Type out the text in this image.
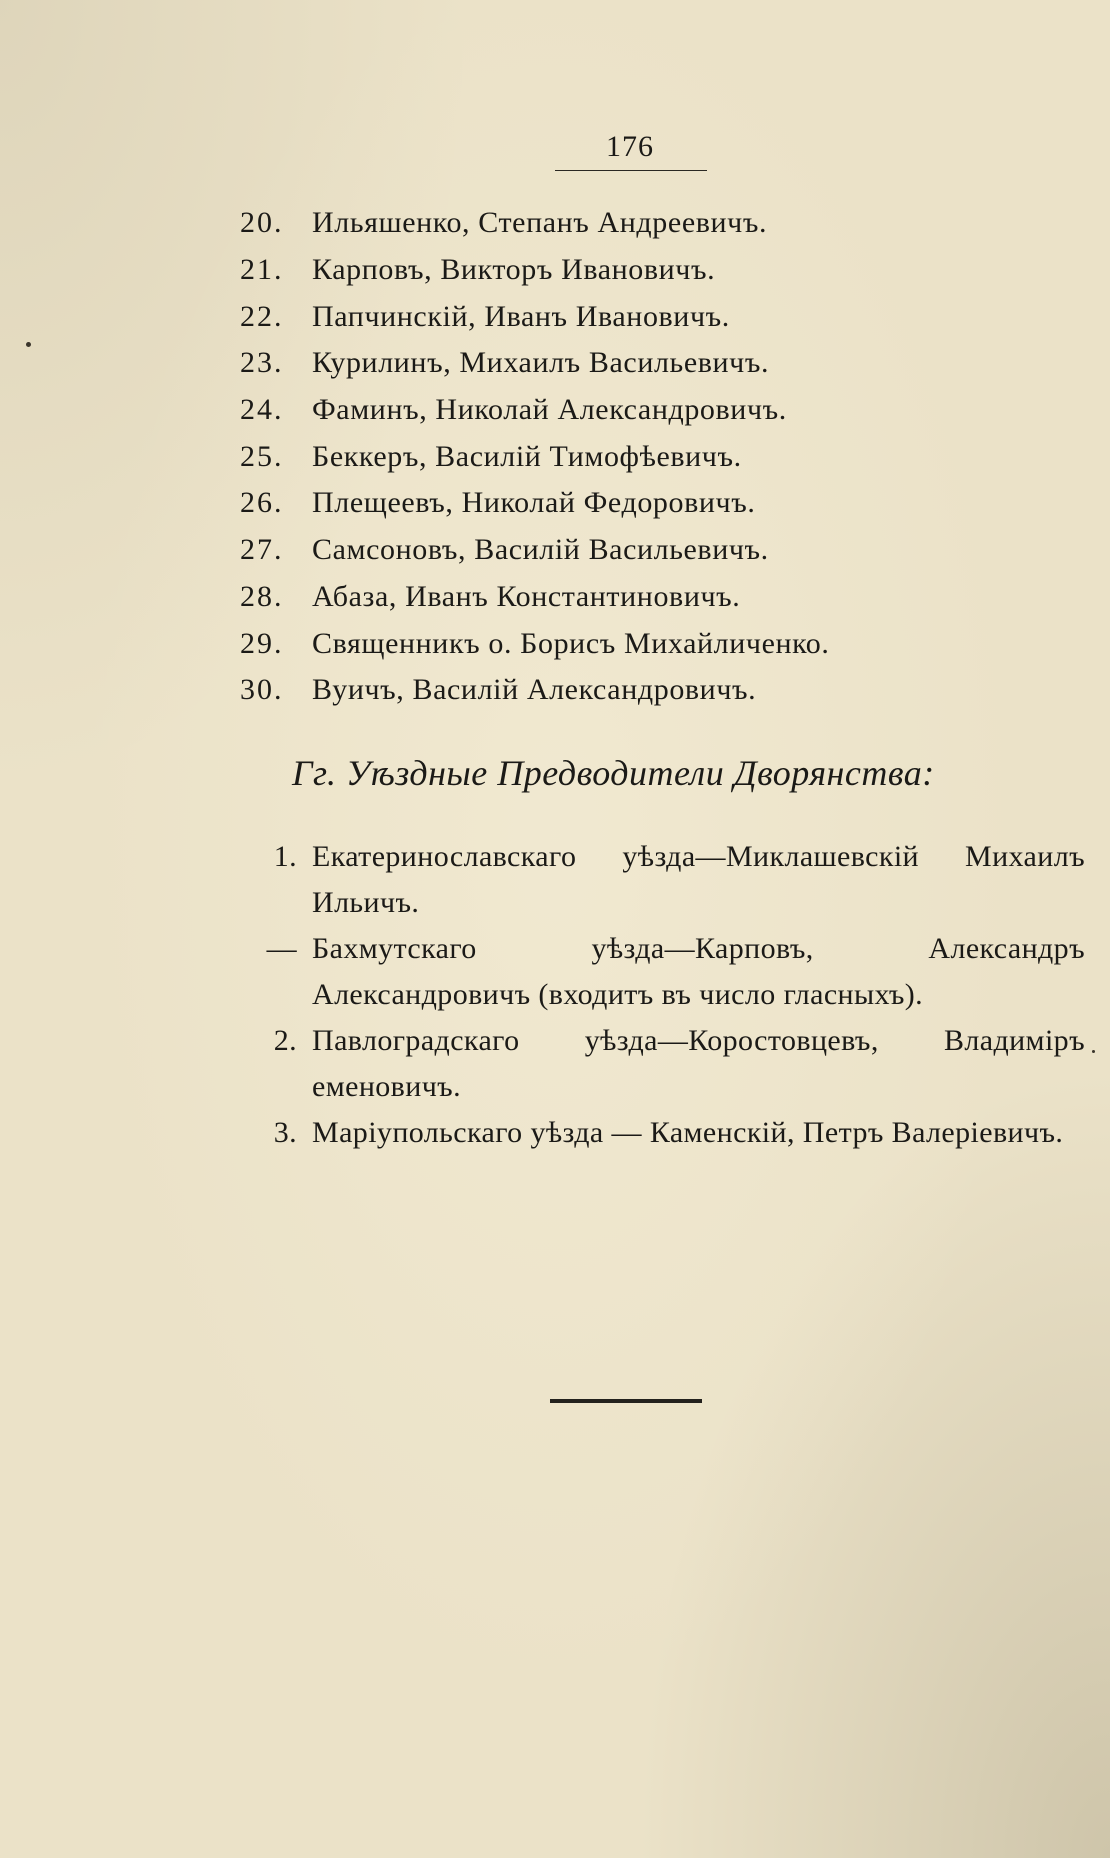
176
20. Ильяшенко, Степанъ Андреевичъ.
21. Карповъ, Викторъ Ивановичъ.
22. Папчинскій, Иванъ Ивановичъ.
23. Курилинъ, Михаилъ Васильевичъ.
24. Фаминъ, Николай Александровичъ.
25. Беккеръ, Василій Тимофѣевичъ.
26. Плещеевъ, Николай Федоровичъ.
27. Самсоновъ, Василій Васильевичъ.
28. Абаза, Иванъ Константиновичъ.
29. Священникъ о. Борисъ Михайличенко.
30. Вуичъ, Василій Александровичъ.
Гг. Уѣздные Предводители Дворянства:
1. Екатеринославскаго уѣзда—Миклашевскій Михаилъ Ильичъ.
— Бахмутскаго уѣзда—Карповъ, Александръ Александровичъ (входитъ въ число гласныхъ).
2. Павлоградскаго уѣзда—Коростовцевъ, Владиміръ еменовичъ.
3. Маріупольскаго уѣзда — Каменскій, Петръ Валеріевичъ.
